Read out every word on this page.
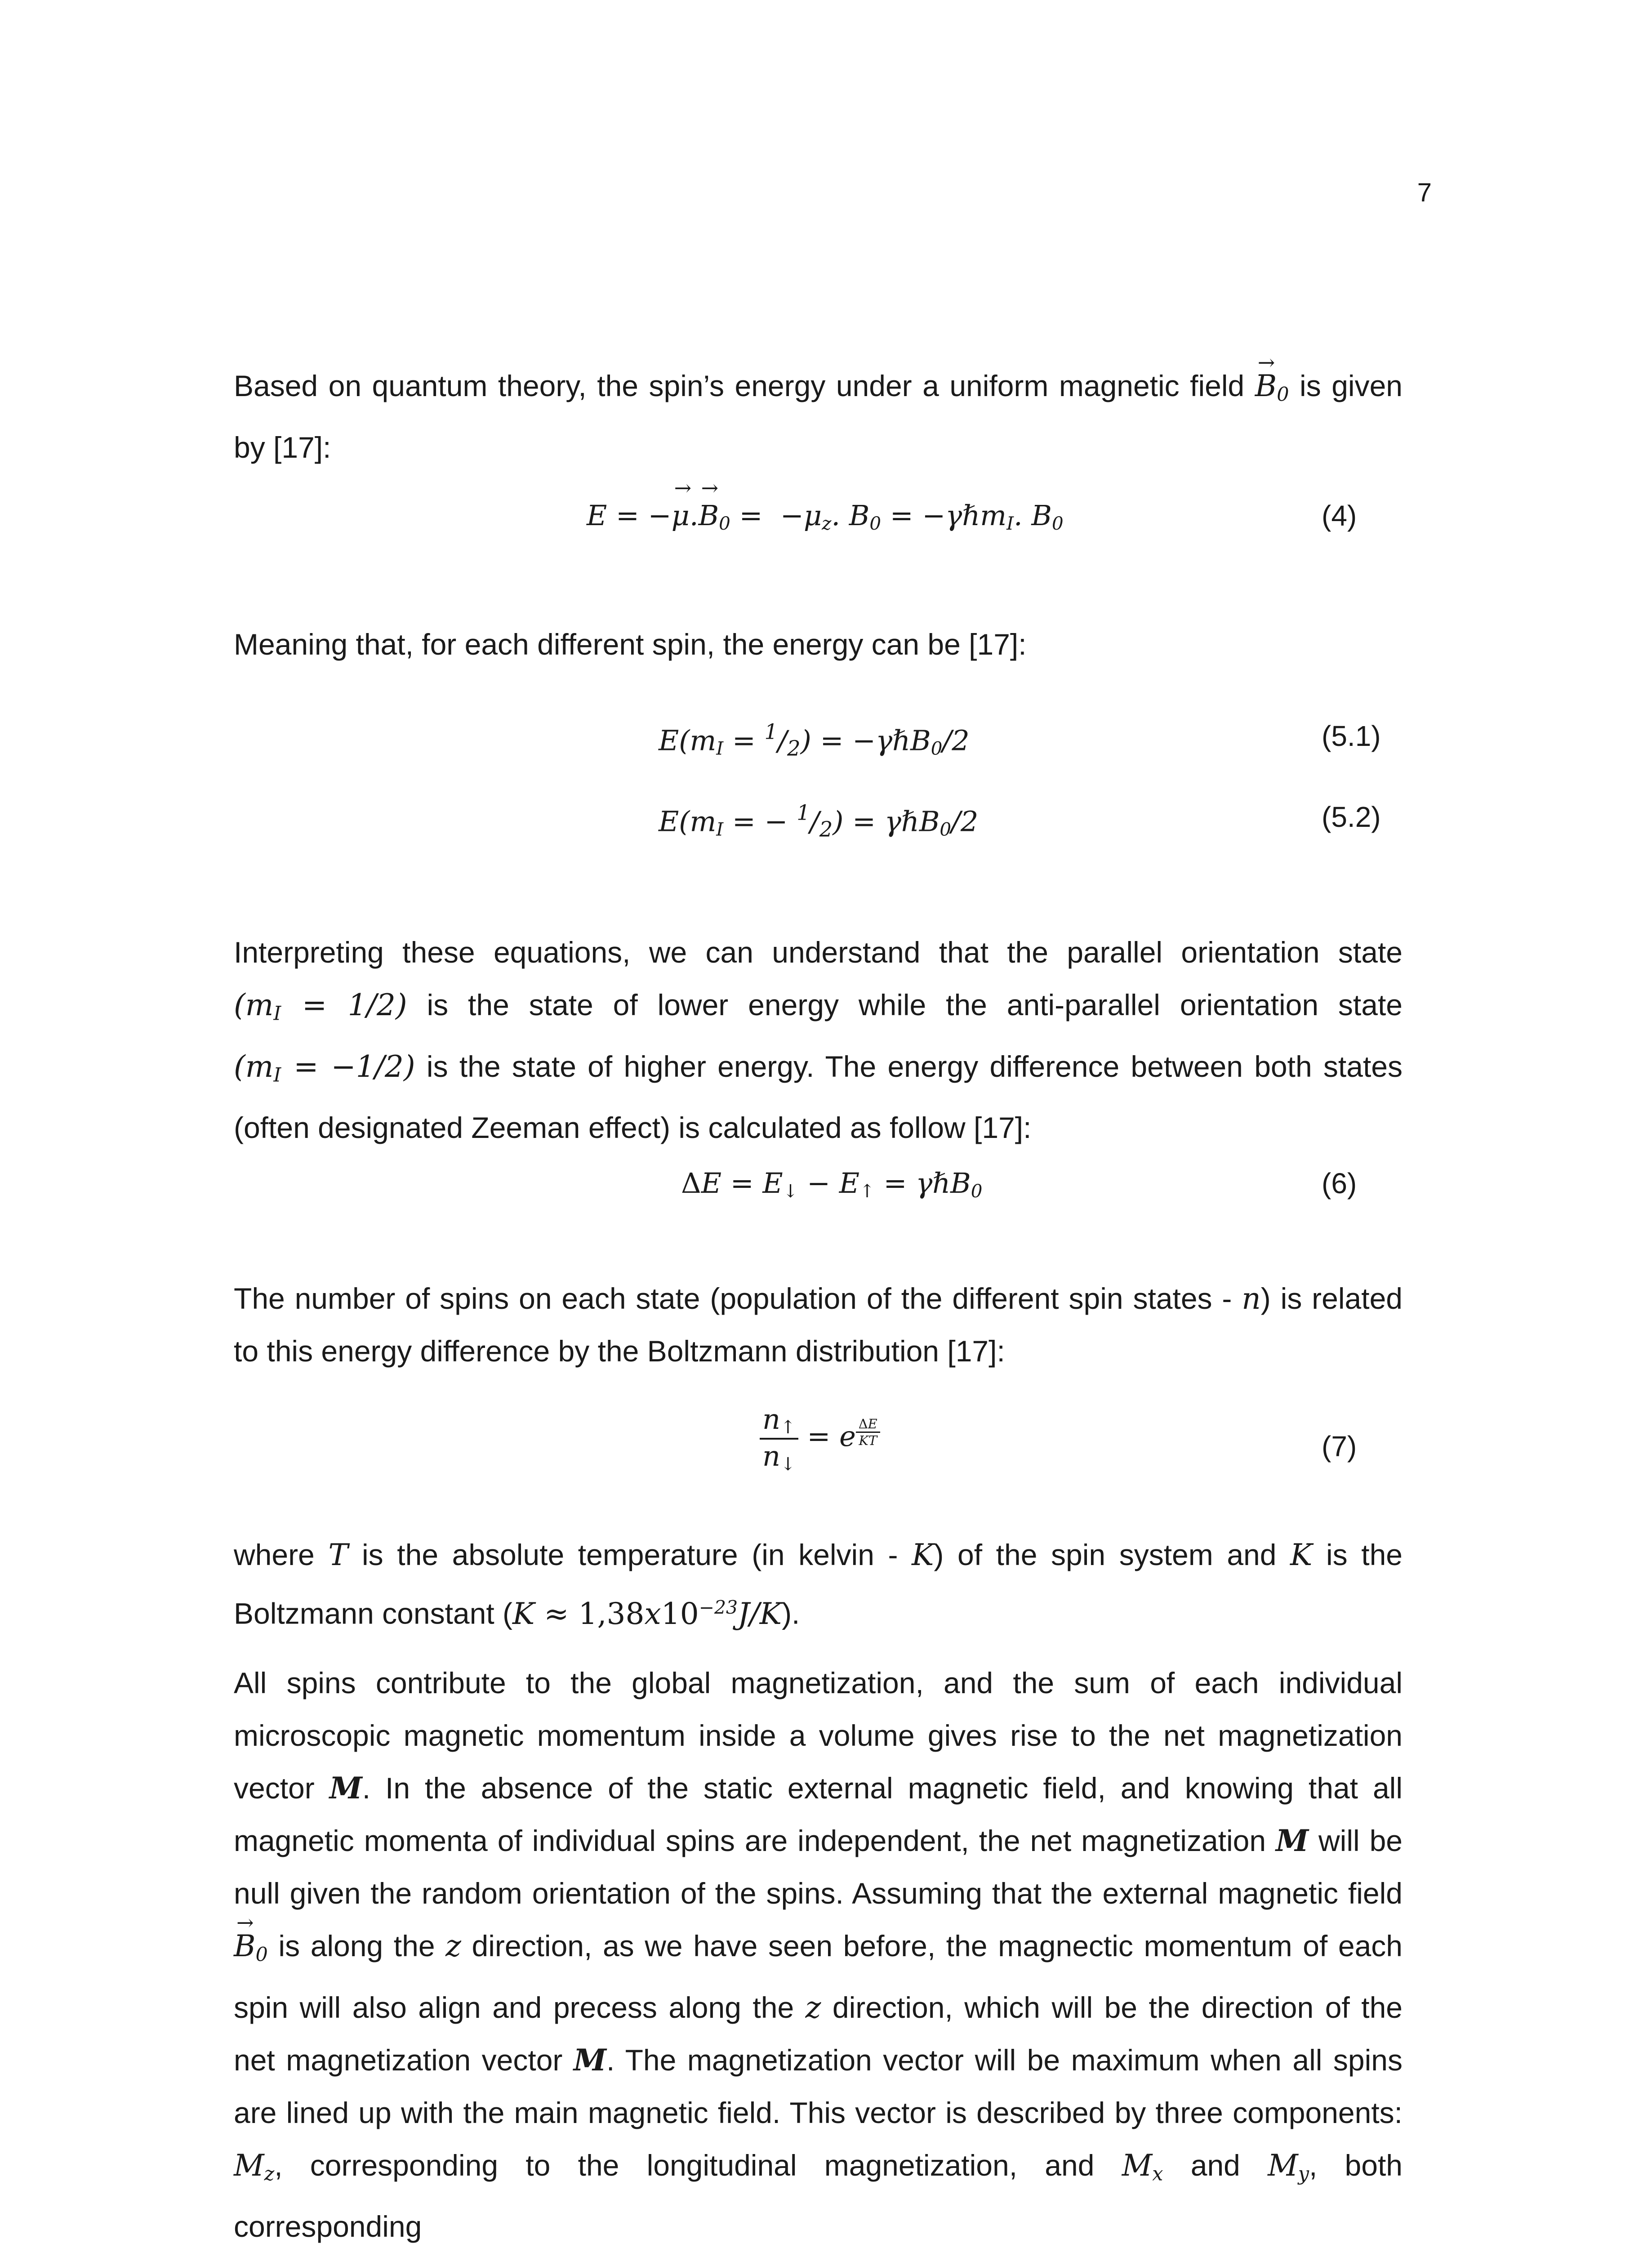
7
Based on quantum theory, the spin’s energy under a uniform magnetic field → $B_0$ is given
by [17]:
E = −→ $\mu.\to B_0 = -\mu_z$. $B_0$ = −γℏm$_I$. $B_0$	(4)
Meaning that, for each different spin, the energy can be [17]:
$E(m_I = ^1/_2)$ = −γℏB$_0$/2	(5.1)
$E(m_I$ = − $^1/_2$) = γℏB$_0$/2	(5.2)
Interpreting these equations, we can understand that the parallel orientation state
$(m_I = 1/2)$ is the state of lower energy while the anti-parallel orientation state
$(m_I = -1/2)$ is the state of higher energy. The energy difference between both states
(often designated Zeeman effect) is calculated as follow [17]:
$\Delta E = E_↓ - E_↑$ = γℏB$_0$	(6)
The number of spins on each state (population of the different spin states - n) is related
to this energy difference by the Boltzmann distribution [17]:
$\frac{n_↑}{n_↓} = e$ $^{\frac{\Delta E}{KT}}$	(7)
where T is the absolute temperature (in kelvin - K) of the spin system and K is the
Boltzmann constant $(K \approx 1,38x10^{-23}J/K)$.
All spins contribute to the global magnetization, and the sum of each individual
microscopic magnetic momentum inside a volume gives rise to the net magnetization
vector M. In the absence of the static external magnetic field, and knowing that all
magnetic momenta of individual spins are independent, the net magnetization M will be
null given the random orientation of the spins. Assuming that the external magnetic field
→ $B_0$ is along the z direction, as we have seen before, the magnectic momentum of each
spin will also align and precess along the z direction, which will be the direction of the
net magnetization vector M. The magnetization vector will be maximum when all spins
are lined up with the main magnetic field. This vector is described by three components:
$M_z$, corresponding to the longitudinal magnetization, and $M_x$ and $M_y$, both corresponding
